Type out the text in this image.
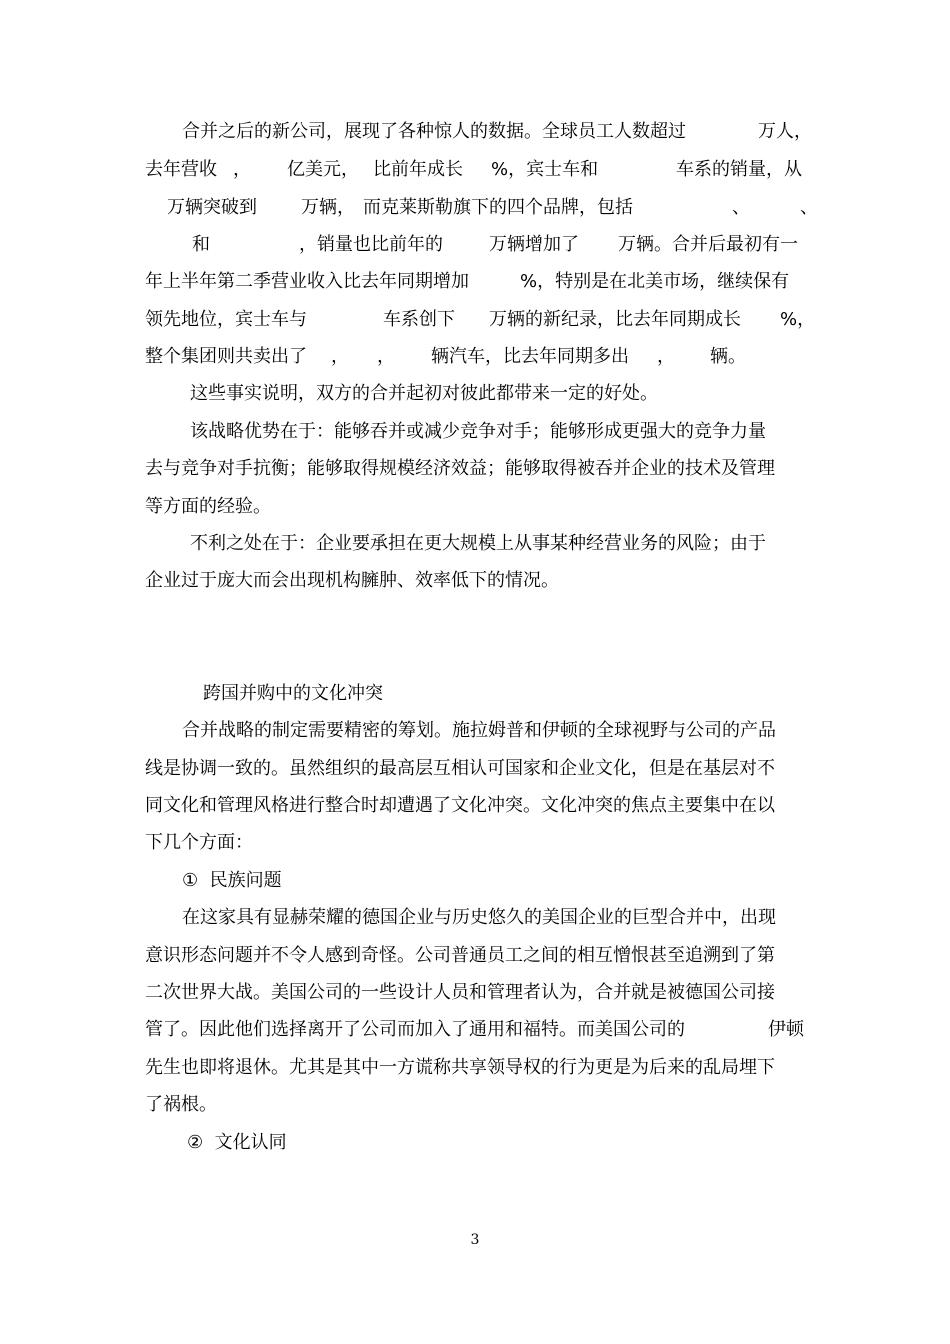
合并之后的新公司，展现了各种惊人的数据。全球员工人数超过	万人，
去年营收 ， 亿美元， 比前年成长 %，宾士车和	车系的销量，从
万辆突破到 万辆， 而克莱斯勒旗下的四个品牌，包括	、	、
和	，销量也比前年的	万辆增加了 万辆。合并后最初有一
年上半年第二季营业收入比去年同期增加	%，特别是在北美市场，继续保有
领先地位，宾士车与	车系创下 万辆的新纪录，比去年同期成长 %，
整个集团则共卖出了 ， ， 辆汽车，比去年同期多出 ， 辆。
这些事实说明，双方的合并起初对彼此都带来一定的好处。
该战略优势在于：能够吞并或减少竞争对手；能够形成更强大的竞争力量
去与竞争对手抗衡；能够取得规模经济效益；能够取得被吞并企业的技术及管理
等方面的经验。
不利之处在于：企业要承担在更大规模上从事某种经营业务的风险；由于
企业过于庞大而会出现机构臃肿、效率低下的情况。
跨国并购中的文化冲突
合并战略的制定需要精密的筹划。施拉姆普和伊顿的全球视野与公司的产品
线是协调一致的。虽然组织的最高层互相认可国家和企业文化，但是在基层对不
同文化和管理风格进行整合时却遭遇了文化冲突。文化冲突的焦点主要集中在以
下几个方面：
①  民族问题
在这家具有显赫荣耀的德国企业与历史悠久的美国企业的巨型合并中，出现
意识形态问题并不令人感到奇怪。公司普通员工之间的相互憎恨甚至追溯到了第
二次世界大战。美国公司的一些设计人员和管理者认为，合并就是被德国公司接
管了。因此他们选择离开了公司而加入了通用和福特。而美国公司的	伊顿
先生也即将退休。尤其是其中一方谎称共享领导权的行为更是为后来的乱局埋下
了祸根。
②  文化认同
3
